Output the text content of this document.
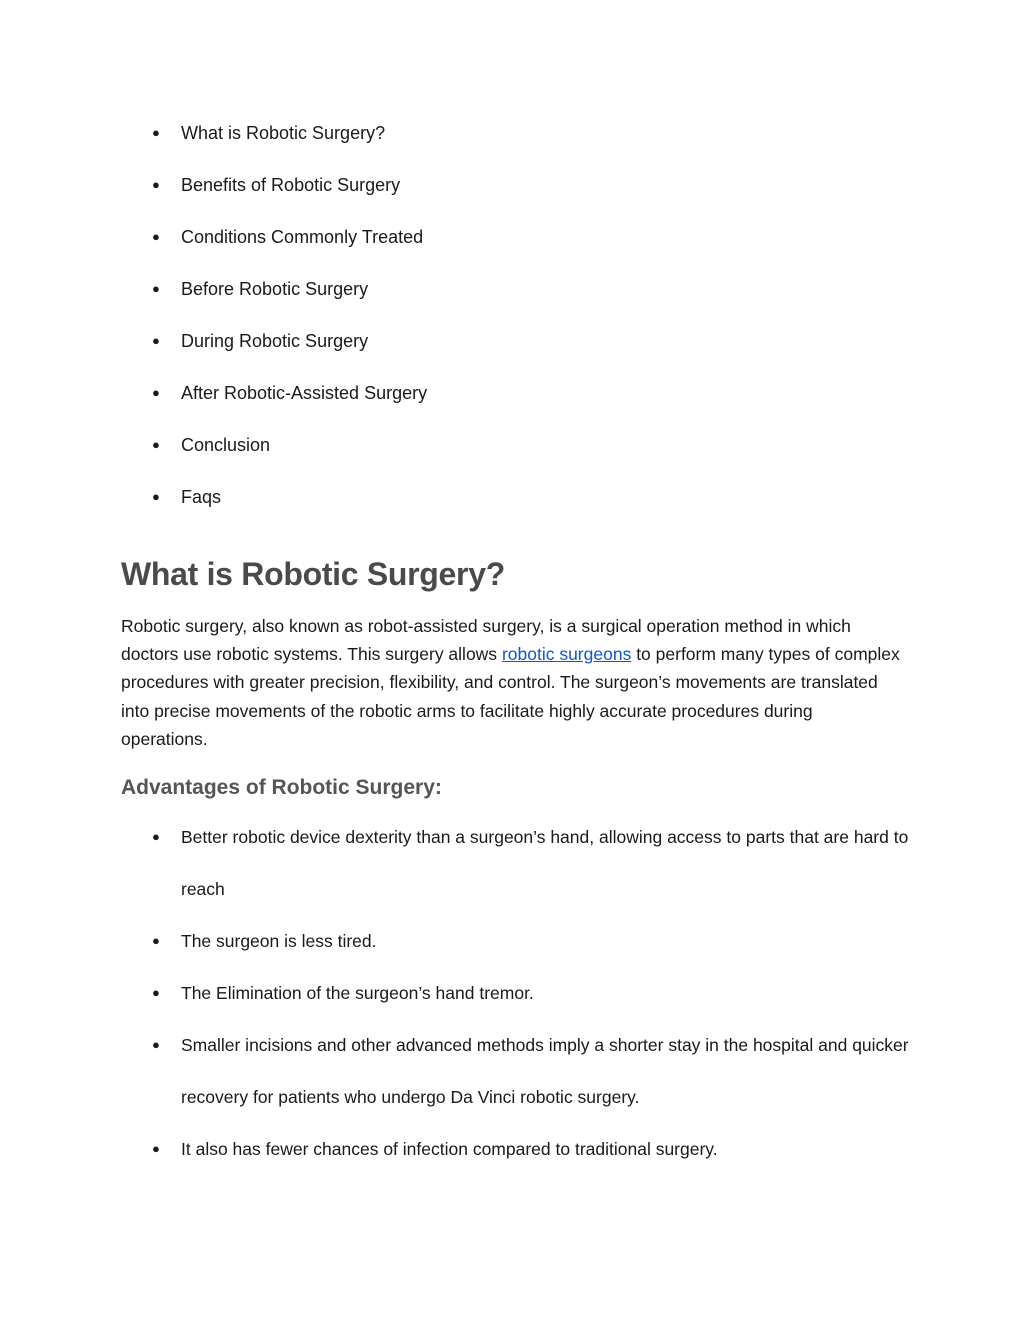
● What is Robotic Surgery?
● Benefits of Robotic Surgery
● Conditions Commonly Treated
● Before Robotic Surgery
● During Robotic Surgery
● After Robotic-Assisted Surgery
● Conclusion
● Faqs
What is Robotic Surgery?

Robotic surgery, also known as robot-assisted surgery, is a surgical operation method in which doctors use robotic systems. This surgery allows robotic surgeons to perform many types of complex procedures with greater precision, flexibility, and control. The surgeon’s movements are translated into precise movements of the robotic arms to facilitate highly accurate procedures during operations.

Advantages of Robotic Surgery:
● Better robotic device dexterity than a surgeon’s hand, allowing access to parts that are hard to reach
● The surgeon is less tired.
● The Elimination of the surgeon’s hand tremor.
● Smaller incisions and other advanced methods imply a shorter stay in the hospital and quicker recovery for patients who undergo Da Vinci robotic surgery.
● It also has fewer chances of infection compared to traditional surgery.
